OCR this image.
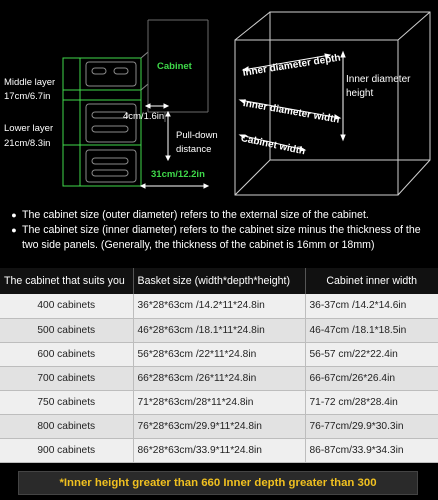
Cabinet
Middle layer
17cm/6.7in
Lower layer
21cm/8.3in
4cm/1.6in
Pull-down
distance
31cm/12.2in
Inner diameter depth
Inner diameter
height
Inner diameter width
Cabinet width
● The cabinet size (outer diameter) refers to the external size of the cabinet.
● The cabinet size (inner diameter) refers to the cabinet size minus the thickness of the two side panels. (Generally, the thickness of the cabinet is 16mm or 18mm)
The cabinet that suits you	Basket size (width*depth*height)	Cabinet inner width
400 cabinets	36*28*63cm /14.2*11*24.8in	36-37cm /14.2*14.6in
500 cabinets	46*28*63cm /18.1*11*24.8in	46-47cm /18.1*18.5in
600 cabinets	56*28*63cm /22*11*24.8in	56-57 cm/22*22.4in
700 cabinets	66*28*63cm /26*11*24.8in	66-67cm/26*26.4in
750 cabinets	71*28*63cm/28*11*24.8in	71-72 cm/28*28.4in
800 cabinets	76*28*63cm/29.9*11*24.8in	76-77cm/29.9*30.3in
900 cabinets	86*28*63cm/33.9*11*24.8in	86-87cm/33.9*34.3in
*Inner height greater than 660 Inner depth greater than 300
